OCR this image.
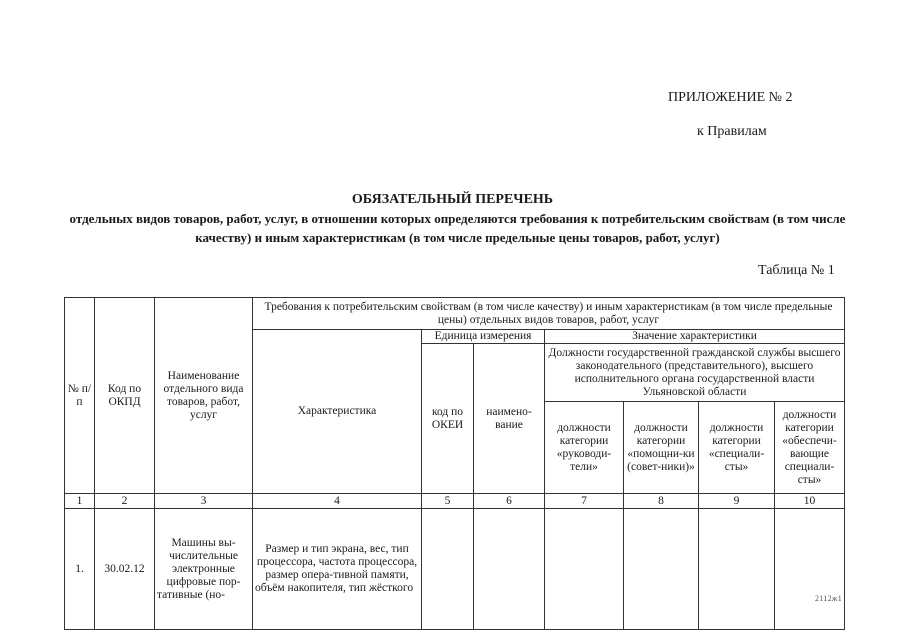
ПРИЛОЖЕНИЕ № 2
к Правилам
ОБЯЗАТЕЛЬНЫЙ ПЕРЕЧЕНЬ
отдельных видов товаров, работ, услуг, в отношении которых определяются требования к потребительским свойствам (в том числе качеству) и иным характеристикам (в том числе предельные цены товаров, работ, услуг)
Таблица № 1
№ п/п	Код по ОКПД	Наименование отдельного вида товаров, работ, услуг	Требования к потребительским свойствам (в том числе качеству) и иным характеристикам (в том числе предельные цены) отдельных видов товаров, работ, услуг						
			Характеристика	Единица измерения		Значение характеристики			
				код по ОКЕИ	наимено-вание	Должности государственной гражданской службы высшего законодательного (представительного), высшего исполнительного органа государственной власти Ульяновской области			
						должности категории «руководи-тели»	должности категории «помощни-ки (совет-ники)»	должности категории «специали-сты»	должности категории «обеспечи-вающие специали-сты»
1	2	3	4	5	6	7	8	9	10
1.	30.02.12	Машины вы-числительные электронные цифровые пор-тативные (но-	Размер и тип экрана, вес, тип процессора, частота процессора, размер опера-тивной памяти, объём накопителя, тип жёсткого						
2112ж1
